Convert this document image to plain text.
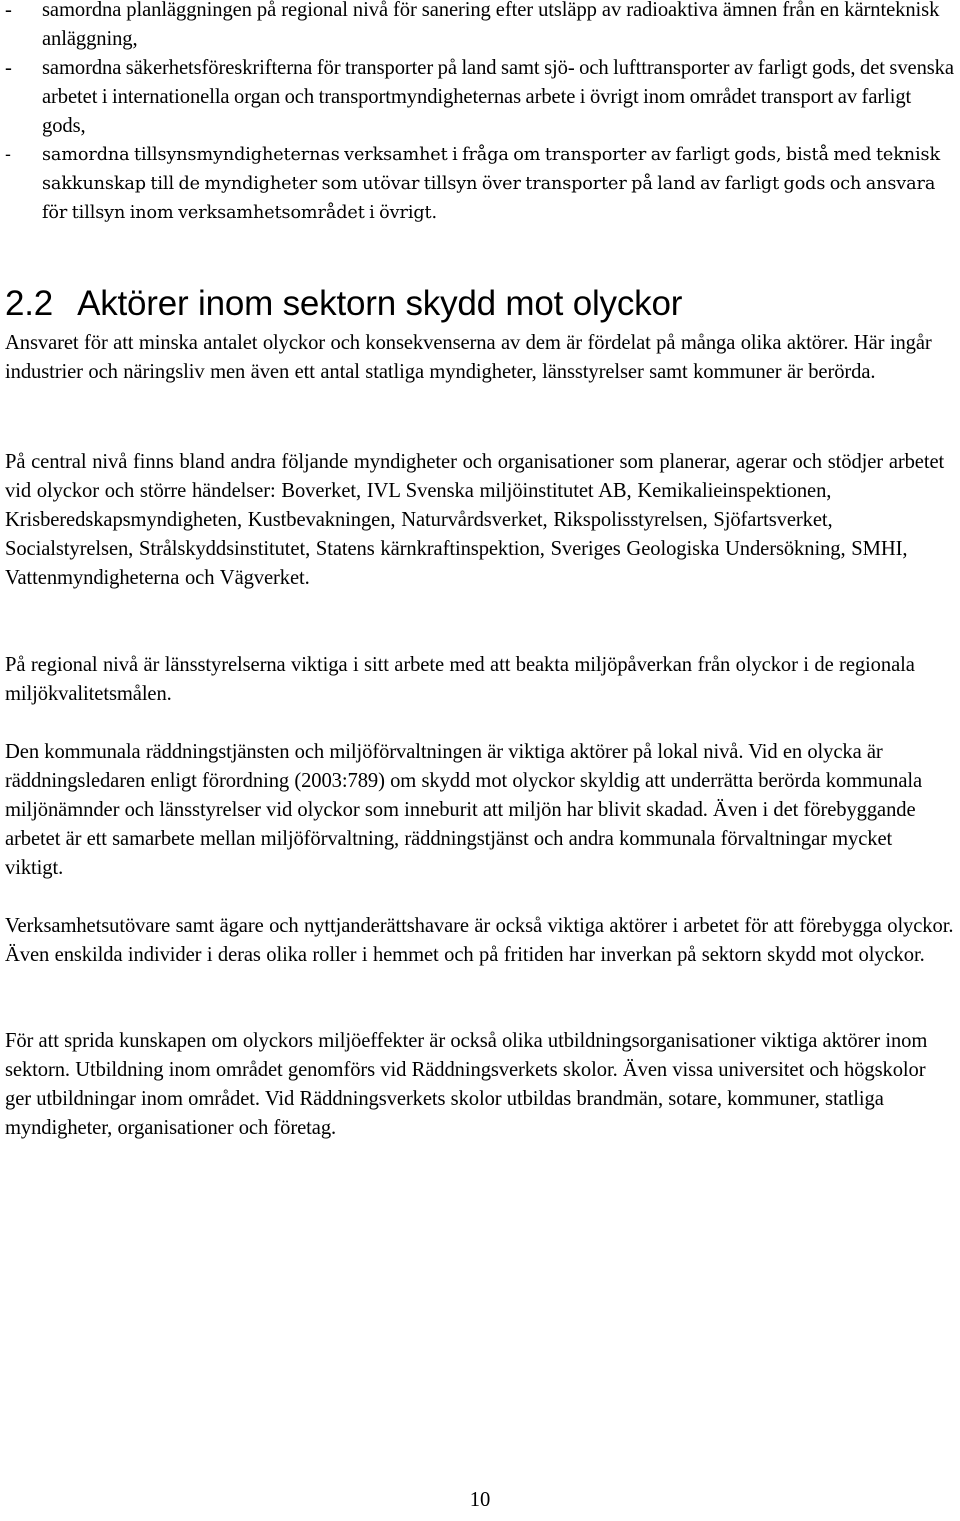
- samordna planläggningen på regional nivå för sanering efter utsläpp av radioaktiva ämnen från en kärnteknisk anläggning,
- samordna säkerhetsföreskrifterna för transporter på land samt sjö- och lufttransporter av farligt gods, det svenska arbetet i internationella organ och transportmyndigheternas arbete i övrigt inom området transport av farligt gods,
- samordna tillsynsmyndigheternas verksamhet i fråga om transporter av farligt gods, bistå med teknisk sakkunskap till de myndigheter som utövar tillsyn över transporter på land av farligt gods och ansvara för tillsyn inom verksamhetsområdet i övrigt.
2.2 Aktörer inom sektorn skydd mot olyckor

Ansvaret för att minska antalet olyckor och konsekvenserna av dem är fördelat på många olika aktörer. Här ingår industrier och näringsliv men även ett antal statliga myndigheter, länsstyrelser samt kommuner är berörda.

På central nivå finns bland andra följande myndigheter och organisationer som planerar, agerar och stödjer arbetet vid olyckor och större händelser: Boverket, IVL Svenska miljöinstitutet AB, Kemikalieinspektionen, Krisberedskapsmyndigheten, Kustbevakningen, Naturvårdsverket, Rikspolisstyrelsen, Sjöfartsverket, Socialstyrelsen, Strålskyddsinstitutet, Statens kärnkraftinspektion, Sveriges Geologiska Undersökning, SMHI, Vattenmyndigheterna och Vägverket.

På regional nivå är länsstyrelserna viktiga i sitt arbete med att beakta miljöpåverkan från olyckor i de regionala miljökvalitetsmålen.

Den kommunala räddningstjänsten och miljöförvaltningen är viktiga aktörer på lokal nivå. Vid en olycka är räddningsledaren enligt förordning (2003:789) om skydd mot olyckor skyldig att underrätta berörda kommunala miljönämnder och länsstyrelser vid olyckor som inneburit att miljön har blivit skadad. Även i det förebyggande arbetet är ett samarbete mellan miljöförvaltning, räddningstjänst och andra kommunala förvaltningar mycket viktigt.

Verksamhetsutövare samt ägare och nyttjanderättshavare är också viktiga aktörer i arbetet för att förebygga olyckor. Även enskilda individer i deras olika roller i hemmet och på fritiden har inverkan på sektorn skydd mot olyckor.

För att sprida kunskapen om olyckors miljöeffekter är också olika utbildningsorganisationer viktiga aktörer inom sektorn. Utbildning inom området genomförs vid Räddningsverkets skolor. Även vissa universitet och högskolor ger utbildningar inom området. Vid Räddningsverkets skolor utbildas brandmän, sotare, kommuner, statliga myndigheter, organisationer och företag.

10
